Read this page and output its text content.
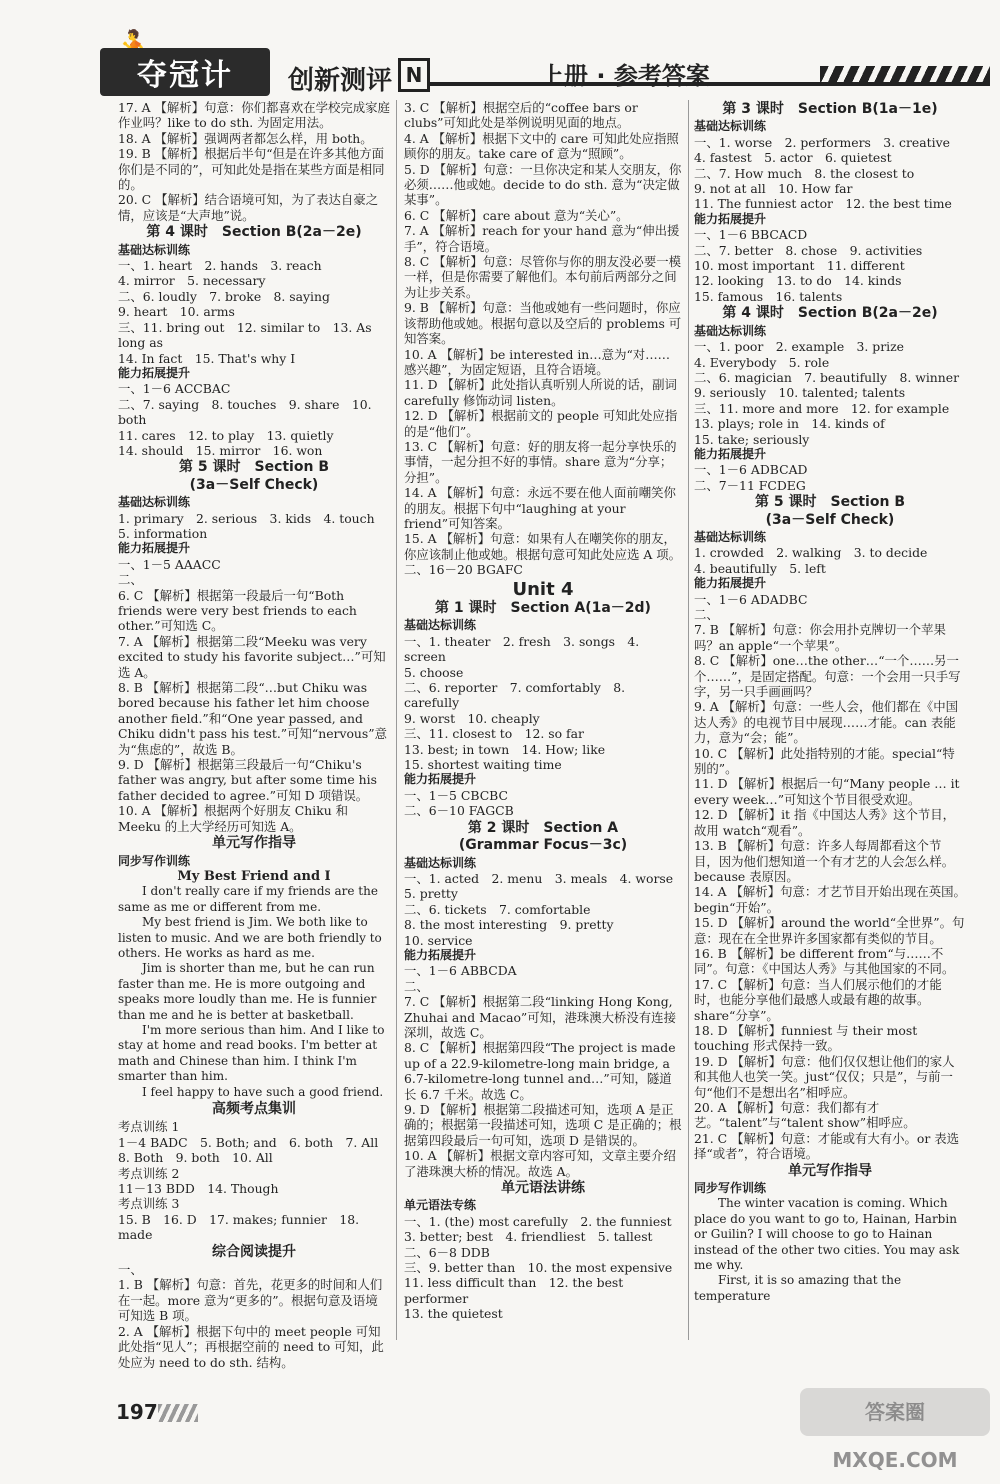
夺冠计	创新测评 N	上册 · 参考答案

17. A 【解析】句意：你们都喜欢在学校完成家庭作业吗？like to do sth. 为固定用法。

18. A 【解析】强调两者都怎么样，用 both。

19. B 【解析】根据后半句“但是在许多其他方面你们是不同的”，可知此处是指在某些方面是相同的。

20. C 【解析】结合语境可知，为了表达自豪之情，应该是“大声地”说。

第 4 课时　Section B(2a－2e)
基础达标训练

一、1. heart　2. hands　3. reach

4. mirror　5. necessary

二、6. loudly　7. broke　8. saying

9. heart　10. arms

三、11. bring out　12. similar to　13. As long as

14. In fact　15. That's why I

能力拓展提升

一、1－6 ACCBAC

二、7. saying　8. touches　9. share　10. both

11. cares　12. to play　13. quietly

14. should　15. mirror　16. won

第 5 课时　Section B
(3a－Self Check)
基础达标训练

1. primary　2. serious　3. kids　4. touch

5. information

能力拓展提升

一、1－5 AAACC

二、

6. C 【解析】根据第一段最后一句“Both friends were very best friends to each other.”可知选 C。

7. A 【解析】根据第二段“Meeku was very excited to study his favorite subject…”可知选 A。

8. B 【解析】根据第二段“…but Chiku was bored because his father let him choose another field.”和“One year passed, and Chiku didn't pass his test.”可知“nervous”意为“焦虑的”，故选 B。

9. D 【解析】根据第三段最后一句“Chiku's father was angry, but after some time his father decided to agree.”可知 D 项错误。

10. A 【解析】根据两个好朋友 Chiku 和 Meeku 的上大学经历可知选 A。

单元写作指导
同步写作训练
My Best Friend and I

I don't really care if my friends are the same as me or different from me.

My best friend is Jim. We both like to listen to music. And we are both friendly to others. He works as hard as me.

Jim is shorter than me, but he can run faster than me. He is more outgoing and speaks more loudly than me. He is funnier than me and he is better at basketball.

I'm more serious than him. And I like to stay at home and read books. I'm better at math and Chinese than him. I think I'm smarter than him.

I feel happy to have such a good friend.

高频考点集训

考点训练 1

1－4 BADC　5. Both; and　6. both　7. All

8. Both　9. both　10. All

考点训练 2

11－13 BDD　14. Though

考点训练 3

15. B　16. D　17. makes; funnier　18. made

综合阅读提升

一、

1. B 【解析】句意：首先，花更多的时间和人们在一起。more 意为“更多的”。根据句意及语境可知选 B 项。

2. A 【解析】根据下句中的 meet people 可知此处指“见人”；再根据空前的 need to 可知，此处应为 need to do sth. 结构。

3. C 【解析】根据空后的“coffee bars or clubs”可知此处是举例说明见面的地点。

4. A 【解析】根据下文中的 care 可知此处应指照顾你的朋友。take care of 意为“照顾”。

5. D 【解析】句意：一旦你决定和某人交朋友，你必须……他或她。decide to do sth. 意为“决定做某事”。

6. C 【解析】care about 意为“关心”。

7. A 【解析】reach for your hand 意为“伸出援手”，符合语境。

8. C 【解析】句意：尽管你与你的朋友没必要一模一样，但是你需要了解他们。本句前后两部分之间为让步关系。

9. B 【解析】句意：当他或她有一些问题时，你应该帮助他或她。根据句意以及空后的 problems 可知答案。

10. A 【解析】be interested in…意为“对……感兴趣”，为固定短语，且符合语境。

11. D 【解析】此处指认真听别人所说的话，副词 carefully 修饰动词 listen。

12. D 【解析】根据前文的 people 可知此处应指的是“他们”。

13. C 【解析】句意：好的朋友将一起分享快乐的事情，一起分担不好的事情。share 意为“分享；分担”。

14. A 【解析】句意：永远不要在他人面前嘲笑你的朋友。根据下句中“laughing at your friend”可知答案。

15. A 【解析】句意：如果有人在嘲笑你的朋友，你应该制止他或她。根据句意可知此处应选 A 项。

二、16－20 BGAFC

Unit 4
第 1 课时　Section A(1a－2d)
基础达标训练

一、1. theater　2. fresh　3. songs　4. screen

5. choose

二、6. reporter　7. comfortably　8. carefully

9. worst　10. cheaply

三、11. closest to　12. so far

13. best; in town　14. How; like

15. shortest waiting time

能力拓展提升

一、1－5 CBCBC

二、6－10 FAGCB

第 2 课时　Section A
(Grammar Focus－3c)
基础达标训练

一、1. acted　2. menu　3. meals　4. worse

5. pretty

二、6. tickets　7. comfortable

8. the most interesting　9. pretty

10. service

能力拓展提升

一、1－6 ABBCDA

二、

7. C 【解析】根据第二段“linking Hong Kong, Zhuhai and Macao”可知，港珠澳大桥没有连接深圳，故选 C。

8. C 【解析】根据第四段“The project is made up of a 22.9-kilometre-long main bridge, a 6.7-kilometre-long tunnel and…”可知，隧道长 6.7 千米。故选 C。

9. D 【解析】根据第二段描述可知，选项 A 是正确的；根据第一段描述可知，选项 C 是正确的；根据第四段最后一句可知，选项 D 是错误的。

10. A 【解析】根据文章内容可知，文章主要介绍了港珠澳大桥的情况。故选 A。

单元语法讲练
单元语法专练

一、1. (the) most carefully　2. the funniest

3. better; best　4. friendliest　5. tallest

二、6－8 DDB

三、9. better than　10. the most expensive

11. less difficult than　12. the best performer

13. the quietest

第 3 课时　Section B(1a－1e)
基础达标训练

一、1. worse　2. performers　3. creative

4. fastest　5. actor　6. quietest

二、7. How much　8. the closest to

9. not at all　10. How far

11. The funniest actor　12. the best time

能力拓展提升

一、1－6 BBCACD

二、7. better　8. chose　9. activities

10. most important　11. different

12. looking　13. to do　14. kinds

15. famous　16. talents

第 4 课时　Section B(2a－2e)
基础达标训练

一、1. poor　2. example　3. prize

4. Everybody　5. role

二、6. magician　7. beautifully　8. winner

9. seriously　10. talented; talents

三、11. more and more　12. for example

13. plays; role in　14. kinds of

15. take; seriously

能力拓展提升

一、1－6 ADBCAD

二、7－11 FCDEG

第 5 课时　Section B
(3a－Self Check)
基础达标训练

1. crowded　2. walking　3. to decide

4. beautifully　5. left

能力拓展提升

一、1－6 ADADBC

二、

7. B 【解析】句意：你会用扑克牌切一个苹果吗？an apple“一个苹果”。

8. C 【解析】one…the other…“一个……另一个……”，是固定搭配。句意：一个会用一只手写字，另一只手画画吗？

9. A 【解析】句意：一些人会，他们都在《中国达人秀》的电视节目中展现……才能。can 表能力，意为“会；能”。

10. C 【解析】此处指特别的才能。special“特别的”。

11. D 【解析】根据后一句“Many people … it every week…”可知这个节目很受欢迎。

12. D 【解析】it 指《中国达人秀》这个节目，故用 watch“观看”。

13. B 【解析】句意：许多人每周都看这个节目，因为他们想知道一个有才艺的人会怎么样。because 表原因。

14. A 【解析】句意：才艺节目开始出现在英国。begin“开始”。

15. D 【解析】around the world“全世界”。句意：现在在全世界许多国家都有类似的节目。

16. B 【解析】be different from“与……不同”。句意：《中国达人秀》与其他国家的不同。

17. C 【解析】句意：当人们展示他们的才能时，也能分享他们最感人或最有趣的故事。share“分享”。

18. D 【解析】funniest 与 their most touching 形式保持一致。

19. D 【解析】句意：他们仅仅想让他们的家人和其他人也笑一笑。just“仅仅；只是”，与前一句“他们不是想出名”相呼应。

20. A 【解析】句意：我们都有才艺。“talent”与“talent show”相呼应。

21. C 【解析】句意：才能或有大有小。or 表选择“或者”，符合语境。

单元写作指导
同步写作训练

The winter vacation is coming. Which place do you want to go to, Hainan, Harbin or Guilin? I will choose to go to Hainan instead of the other two cities. You may ask me why.

First, it is so amazing that the temperature

197	答案圈 MXQE.COM
